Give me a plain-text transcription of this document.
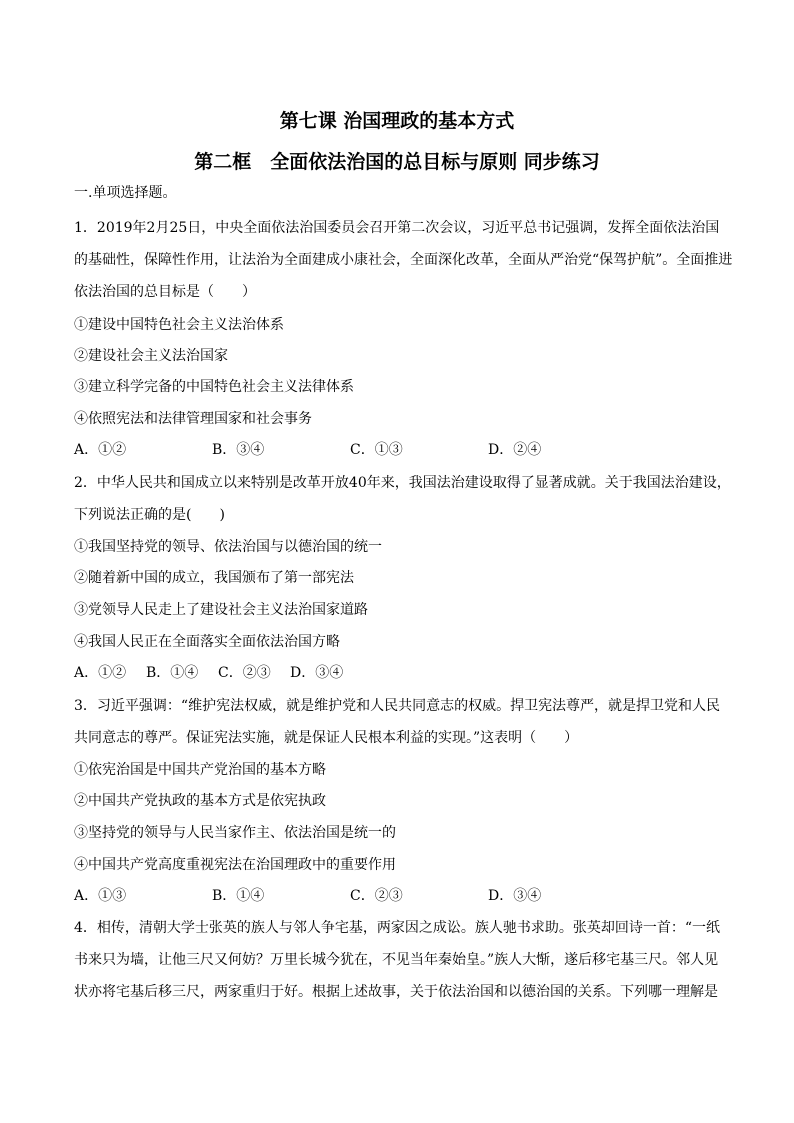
第七课 治国理政的基本方式
第二框　全面依法治国的总目标与原则 同步练习
一.单项选择题。
1．2019年2月25日，中央全面依法治国委员会召开第二次会议，习近平总书记强调，发挥全面依法治国
的基础性，保障性作用，让法治为全面建成小康社会，全面深化改革，全面从严治党“保驾护航”。全面推进
依法治国的总目标是（　　）
①建设中国特色社会主义法治体系
②建设社会主义法治国家
③建立科学完备的中国特色社会主义法律体系
④依照宪法和法律管理国家和社会事务
A．①②	B．③④	C．①③	D．②④
2．中华人民共和国成立以来特别是改革开放40年来，我国法治建设取得了显著成就。关于我国法治建设，
下列说法正确的是(　　)
①我国坚持党的领导、依法治国与以德治国的统一
②随着新中国的成立，我国颁布了第一部宪法
③党领导人民走上了建设社会主义法治国家道路
④我国人民正在全面落实全面依法治国方略
A．①②	B．①④	C．②③	D．③④
3．习近平强调：“维护宪法权威，就是维护党和人民共同意志的权威。捍卫宪法尊严，就是捍卫党和人民
共同意志的尊严。保证宪法实施，就是保证人民根本利益的实现。”这表明（　　）
①依宪治国是中国共产党治国的基本方略
②中国共产党执政的基本方式是依宪执政
③坚持党的领导与人民当家作主、依法治国是统一的
④中国共产党高度重视宪法在治国理政中的重要作用
A．①③	B．①④	C．②③	D．③④
4．相传，清朝大学士张英的族人与邻人争宅基，两家因之成讼。族人驰书求助。张英却回诗一首：“一纸
书来只为墙，让他三尺又何妨？万里长城今犹在，不见当年秦始皇。”族人大惭，遂后移宅基三尺。邻人见
状亦将宅基后移三尺，两家重归于好。根据上述故事，关于依法治国和以德治国的关系。下列哪一理解是
